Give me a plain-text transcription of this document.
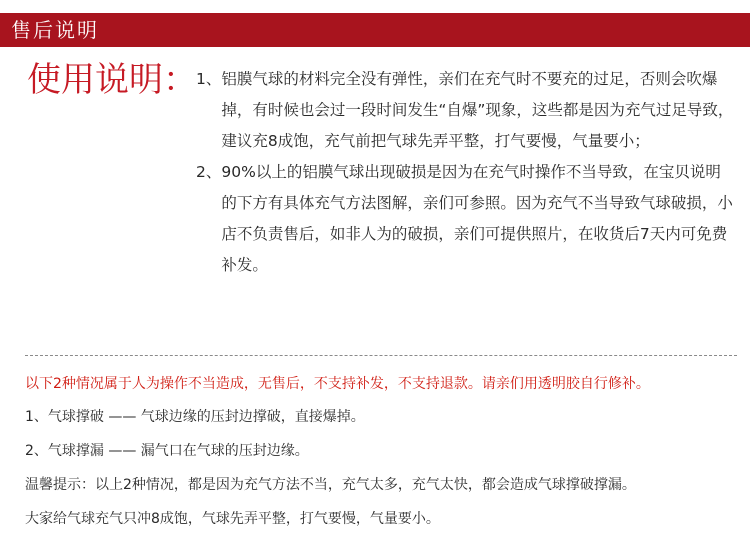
售后说明
使用说明： 1、 铝膜气球的材料完全没有弹性，亲们在充气时不要充的过足，否则会吹爆掉，有时候也会过一段时间发生“自爆”现象，这些都是因为充气过足导致，建议充8成饱，充气前把气球先弄平整，打气要慢，气量要小；
2、 90%以上的铝膜气球出现破损是因为在充气时操作不当导致，在宝贝说明的下方有具体充气方法图解，亲们可参照。因为充气不当导致气球破损，小店不负责售后，如非人为的破损，亲们可提供照片，在收货后7天内可免费补发。
以下2种情况属于人为操作不当造成，无售后，不支持补发，不支持退款。请亲们用透明胶自行修补。
1、气球撑破 —— 气球边缘的压封边撑破，直接爆掉。
2、气球撑漏 —— 漏气口在气球的压封边缘。
温馨提示：以上2种情况，都是因为充气方法不当，充气太多，充气太快，都会造成气球撑破撑漏。
大家给气球充气只冲8成饱，气球先弄平整，打气要慢，气量要小。
